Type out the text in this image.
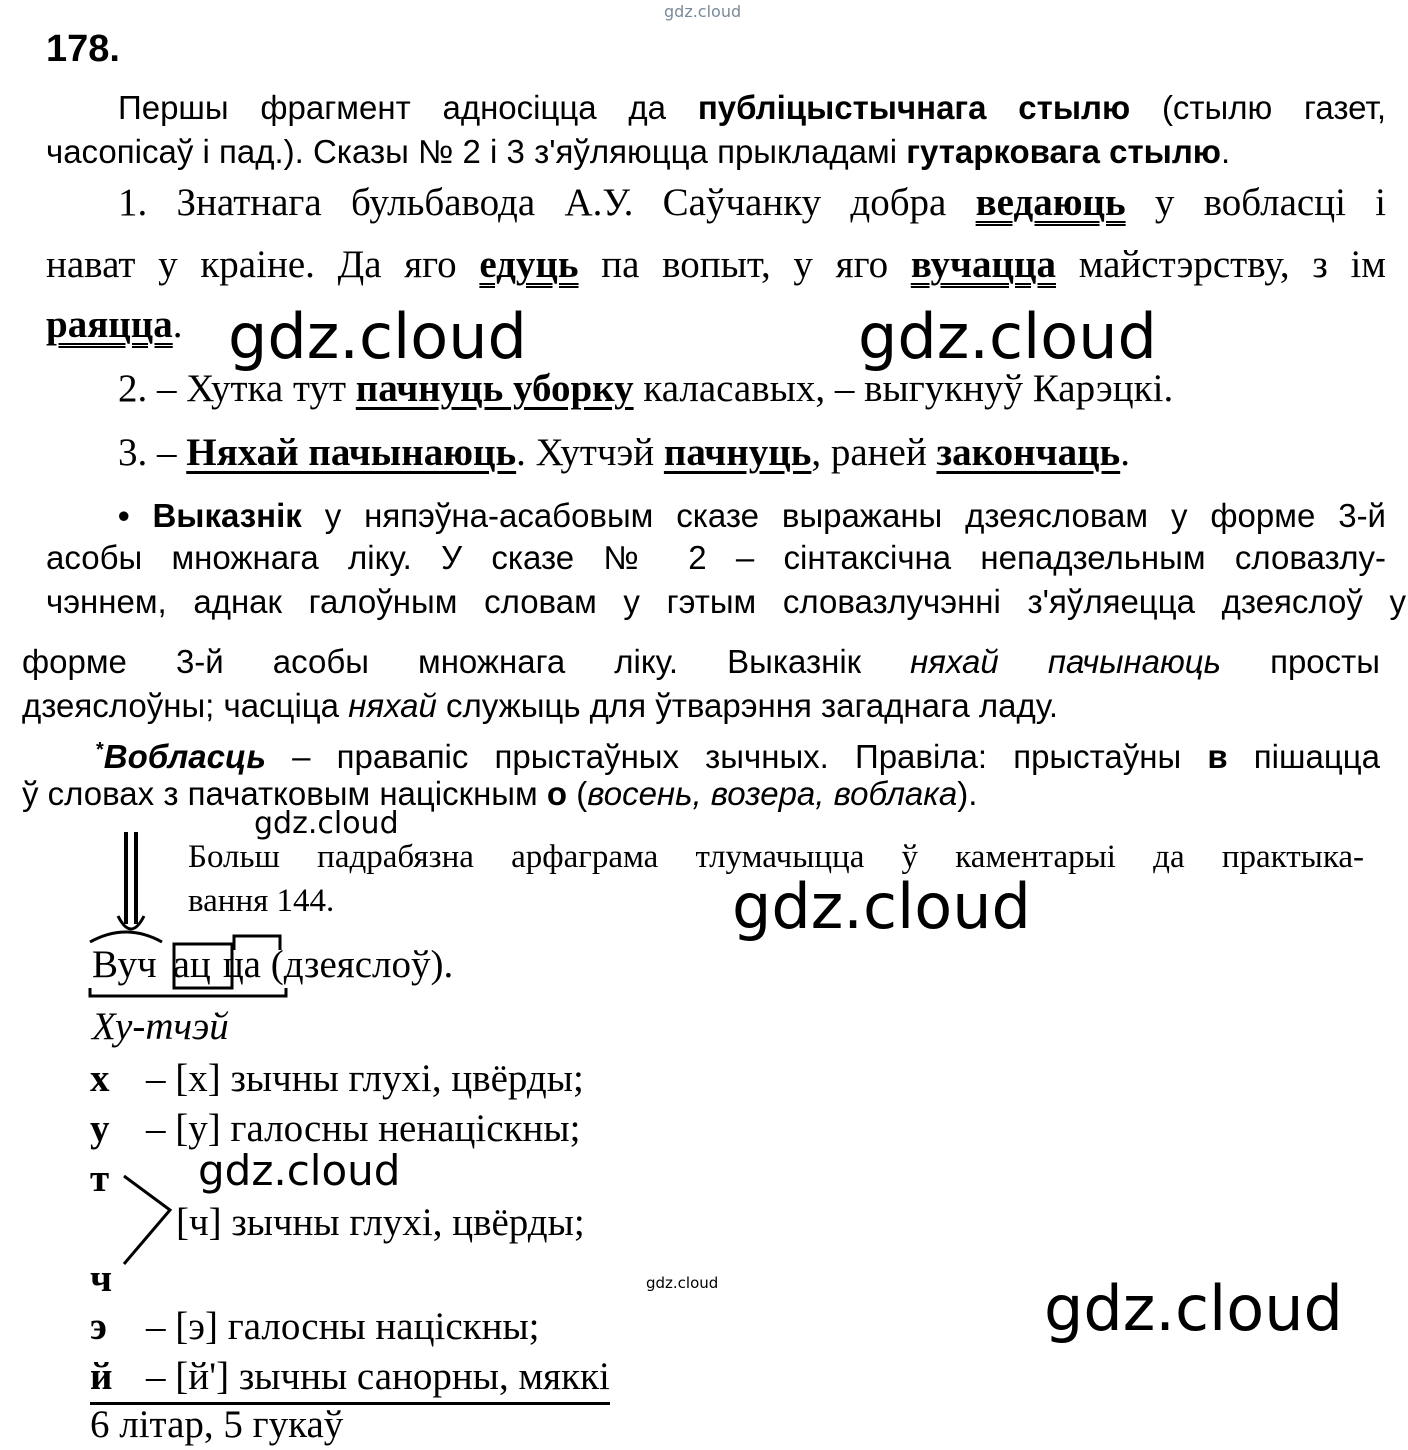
gdz.cloud
gdz.cloud	gdz.cloud
gdz.cloud
gdz.cloud
gdz.cloud
gdz.cloud	gdz.cloud
178.
Першы фрагмент адносіцца да публіцыстычнага стылю (стылю газет,
часопісаў і пад.). Сказы № 2 і 3 з'яўляюцца прыкладамі гутарковага стылю.
1. Знатнага бульбавода А.У. Саўчанку добра ведаюць у вобласці і
нават у краіне. Да яго едуць па вопыт, у яго вучацца майстэрству, з ім
раяцца.
2. – Хутка тут пачнуць уборку каласавых, – выгукнуў Карэцкі.
3. – Няхай пачынаюць. Хутчэй пачнуць, раней закончаць.
• Выказнік у няпэўна-асабовым сказе выражаны дзеясловам у форме 3-й
асобы множнага ліку. У сказе № 2 – сінтаксічна непадзельным словазлу-
чэннем, аднак галоўным словам у гэтым словазлучэнні з'яўляецца дзеяслоў у
форме 3-й асобы множнага ліку. Выказнік няхай пачынаюць просты
дзеяслоўны; часціца няхай служыць для ўтварэння загаднага ладу.
*Вобласць – правапіс прыстаўных зычных. Правіла: прыстаўны в пішацца
ў словах з пачатковым націскным о (восень, возера, воблака).
Больш падрабязна арфаграма тлумачыцца ў каментарыі да практыка-
вання 144.
Вуч ац ца (дзеяслоў).
Ху-тчэй
х – [х] зычны глухі, цвёрды;
у – [у] галосны ненаціскны;
т
[ч] зычны глухі, цвёрды;
ч
э – [э] галосны націскны;
й – [й'] зычны санорны, мяккі
6 літар, 5 гукаў
